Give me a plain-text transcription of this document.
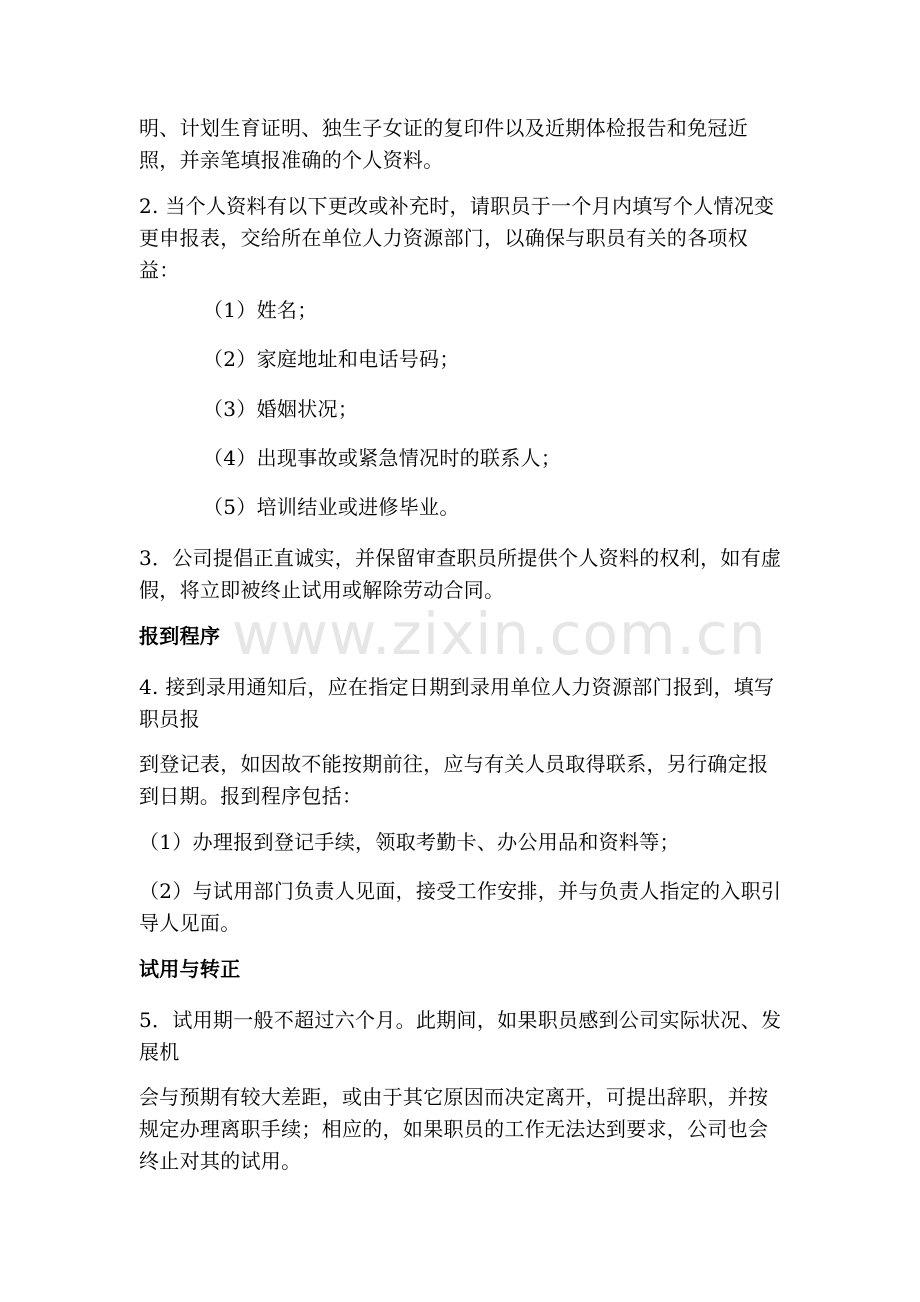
www.zixin.com.cn

明、计划生育证明、独生子女证的复印件以及近期体检报告和免冠近照，并亲笔填报准确的个人资料。

2. 当个人资料有以下更改或补充时，请职员于一个月内填写个人情况变更申报表，交给所在单位人力资源部门，以确保与职员有关的各项权益：

（1）姓名；

（2）家庭地址和电话号码；

（3）婚姻状况；

（4）出现事故或紧急情况时的联系人；

（5）培训结业或进修毕业。

3．公司提倡正直诚实，并保留审查职员所提供个人资料的权利，如有虚假，将立即被终止试用或解除劳动合同。

报到程序

4. 接到录用通知后，应在指定日期到录用单位人力资源部门报到，填写职员报

到登记表，如因故不能按期前往，应与有关人员取得联系，另行确定报到日期。报到程序包括：

（1）办理报到登记手续，领取考勤卡、办公用品和资料等；

（2）与试用部门负责人见面，接受工作安排，并与负责人指定的入职引导人见面。

试用与转正

5．试用期一般不超过六个月。此期间，如果职员感到公司实际状况、发展机

会与预期有较大差距，或由于其它原因而决定离开，可提出辞职，并按规定办理离职手续；相应的，如果职员的工作无法达到要求，公司也会终止对其的试用。
